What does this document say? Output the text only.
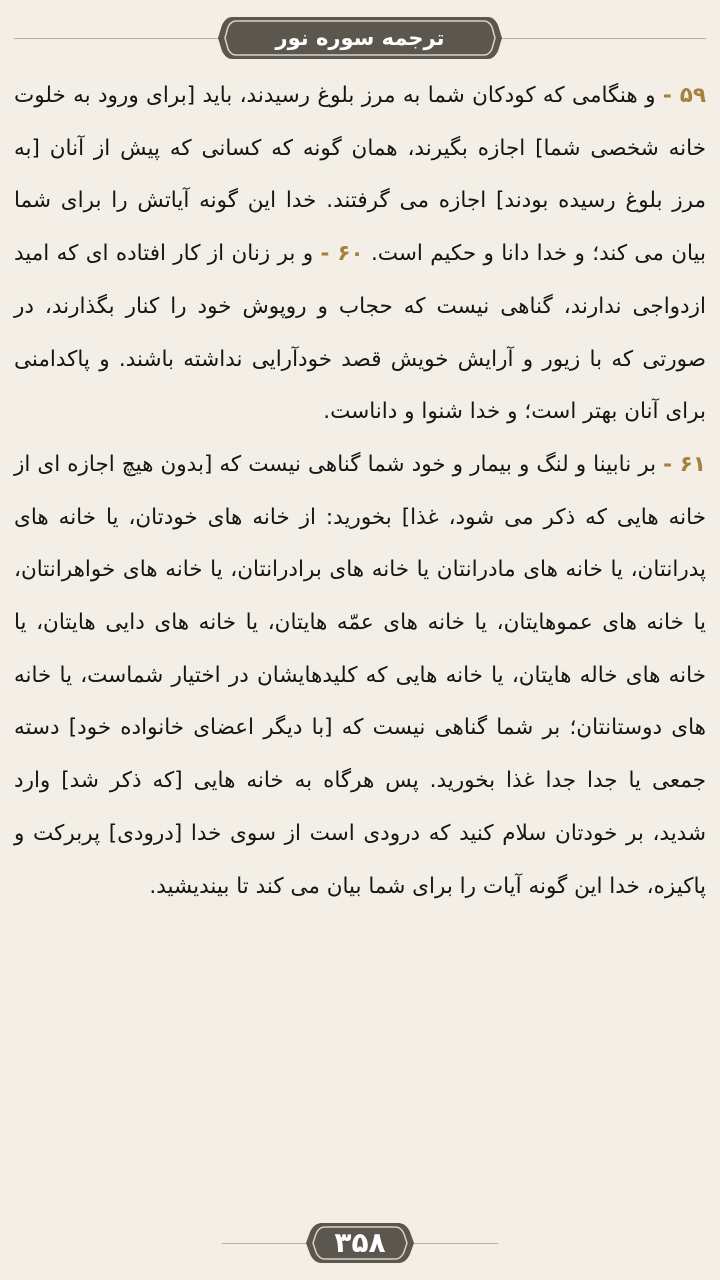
ترجمه سوره نور
۵۹ - و هنگامی که کودکان شما به مرز بلوغ رسیدند، باید [برای ورود به خلوت خانه شخصی شما] اجازه بگیرند، همان گونه که کسانی که پیش از آنان [به مرز بلوغ رسیده بودند] اجازه می گرفتند. خدا این گونه آیاتش را برای شما بیان می کند؛ و خدا دانا و حکیم است. ۶۰ - و بر زنان از کار افتاده ای که امید ازدواجی ندارند، گناهی نیست که حجاب و روپوش خود را کنار بگذارند، در صورتی که با زیور و آرایش خویش قصد خودآرایی نداشته باشند. و پاکدامنی برای آنان بهتر است؛ و خدا شنوا و داناست.
۶۱ - بر نابینا و لنگ و بیمار و خود شما گناهی نیست که [بدون هیچ اجازه ای از خانه هایی که ذکر می شود، غذا] بخورید: از خانه های خودتان، یا خانه های پدرانتان، یا خانه های مادرانتان یا خانه های برادرانتان، یا خانه های خواهرانتان، یا خانه های عموهایتان، یا خانه های عمّه هایتان، یا خانه های دایی هایتان، یا خانه های خاله هایتان، یا خانه هایی که کلیدهایشان در اختیار شماست، یا خانه های دوستانتان؛ بر شما گناهی نیست که [با دیگر اعضای خانواده خود] دسته جمعی یا جدا جدا غذا بخورید. پس هرگاه به خانه هایی [که ذکر شد] وارد شدید، بر خودتان سلام کنید که درودی است از سوی خدا [درودی] پربرکت و پاکیزه، خدا این گونه آیات را برای شما بیان می کند تا بیندیشید.
۳۵۸
